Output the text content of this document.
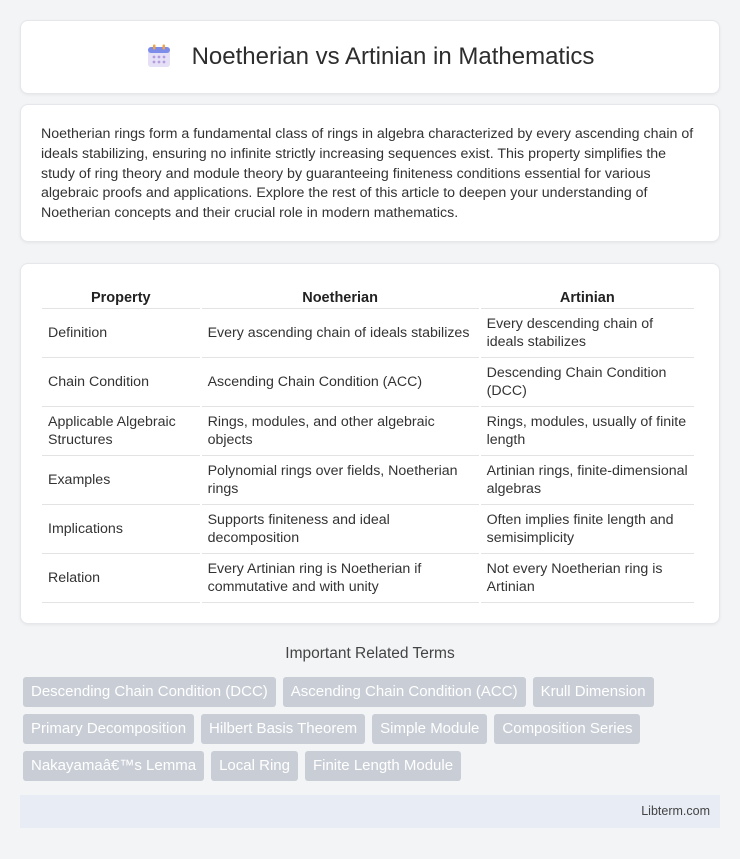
Noetherian vs Artinian in Mathematics

Noetherian rings form a fundamental class of rings in algebra characterized by every ascending chain of ideals stabilizing, ensuring no infinite strictly increasing sequences exist. This property simplifies the study of ring theory and module theory by guaranteeing finiteness conditions essential for various algebraic proofs and applications. Explore the rest of this article to deepen your understanding of Noetherian concepts and their crucial role in modern mathematics.

Property	Noetherian	Artinian
Definition	Every ascending chain of ideals stabilizes	Every descending chain of ideals stabilizes
Chain Condition	Ascending Chain Condition (ACC)	Descending Chain Condition (DCC)
Applicable Algebraic Structures	Rings, modules, and other algebraic objects	Rings, modules, usually of finite length
Examples	Polynomial rings over fields, Noetherian rings	Artinian rings, finite-dimensional algebras
Implications	Supports finiteness and ideal decomposition	Often implies finite length and semisimplicity
Relation	Every Artinian ring is Noetherian if commutative and with unity	Not every Noetherian ring is Artinian
Important Related Terms
Descending Chain Condition (DCC)	Ascending Chain Condition (ACC)	Krull Dimension
Primary Decomposition	Hilbert Basis Theorem	Simple Module	Composition Series
Nakayamaâ€™s Lemma	Local Ring	Finite Length Module
Libterm.com
